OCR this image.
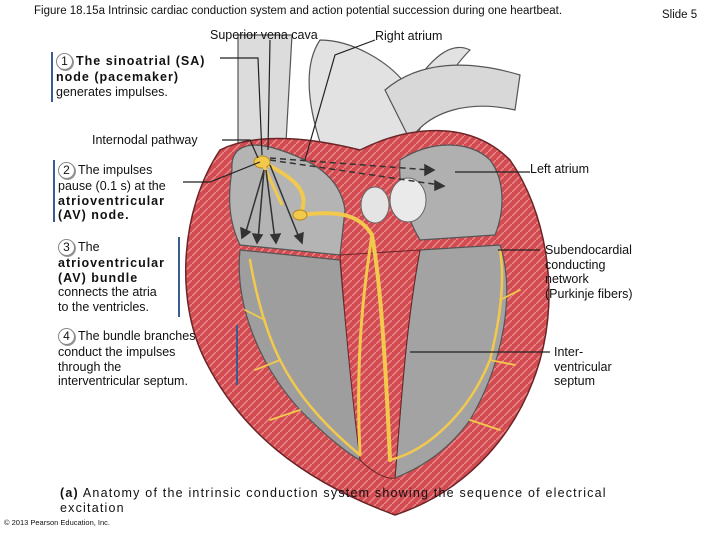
Figure 18.15a Intrinsic cardiac conduction system and action potential succession during one heartbeat.	Slide 5
Superior vena cava	Right atrium
Internodal pathway
Left atrium
Subendocardial
conducting
network
(Purkinje fibers)
Inter-
ventricular
septum
1 The sinoatrial (SA)
node (pacemaker)
generates impulses.
2 The impulses
pause (0.1 s) at the
atrioventricular
(AV) node.
3 The
atrioventricular
(AV) bundle
connects the atria
to the ventricles.
4 The bundle branches
conduct the impulses
through the
interventricular septum.
(a) Anatomy of the intrinsic conduction system showing the sequence of electrical excitation
© 2013 Pearson Education, Inc.
